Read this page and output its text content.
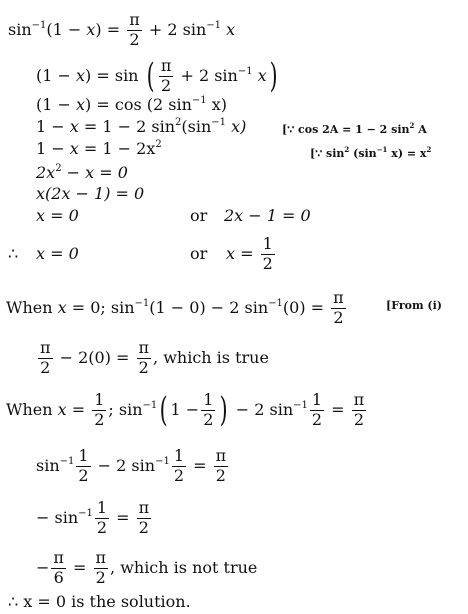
$\sin^{-1}(1 - x) = \frac{\pi}{2} + 2$ $\sin^{-1} x$
(1 − x) = sin ( $\frac{\pi}{2} + 2$ $\sin^{-1} x$)
(1 − x) = cos (2 $\sin^{-1} x$)
1 − x = 1 − 2 $\sin^2(\sin^{-1}$ x)	[∵ cos 2A = 1 − 2 $\sin^2 A$
$1 - x = 1 - 2x^2$
[∵ $\sin^2 (\sin^{-1}$ $x) = x^2$
$2x^2 - x = 0$
x(2x − 1) = 0
x = 0	or 2x − 1 = 0
∴ x = 0	or $x = \frac{1}{2}$
When x = 0; $\sin^{-1}(1 - 0) - 2$ $\sin^{-1}(0) = \frac{\pi}{2}$	[From (i)
$\frac{\pi}{2} - 2(0) = \frac{\pi}{2}$ , which is true
When $x = \frac{1}{2}$ ; $\sin^{-1}$( $1 - \frac{1}{2}$ ) − 2 $\sin^{-1} \frac{1}{2} = \frac{\pi}{2}$
$\sin^{-1} \frac{1}{2} - 2$ $\sin^{-1} \frac{1}{2} = \frac{\pi}{2}$
− $\sin^{-1} \frac{1}{2} = \frac{\pi}{2}$
− $\frac{\pi}{6} = \frac{\pi}{2}$ , which is not true
∴ x = 0 is the solution.
